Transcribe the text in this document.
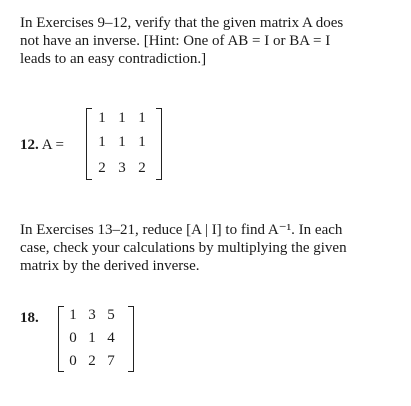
In Exercises 9–12, verify that the given matrix A does
not have an inverse. [Hint: One of AB = I or BA = I
leads to an easy contradiction.]
12. A =
1 1 1
1 1 1
2 3 2
In Exercises 13–21, reduce [A | I] to find A⁻¹. In each
case, check your calculations by multiplying the given
matrix by the derived inverse.
18. 1 3 5
0 1 4
0 2 7
